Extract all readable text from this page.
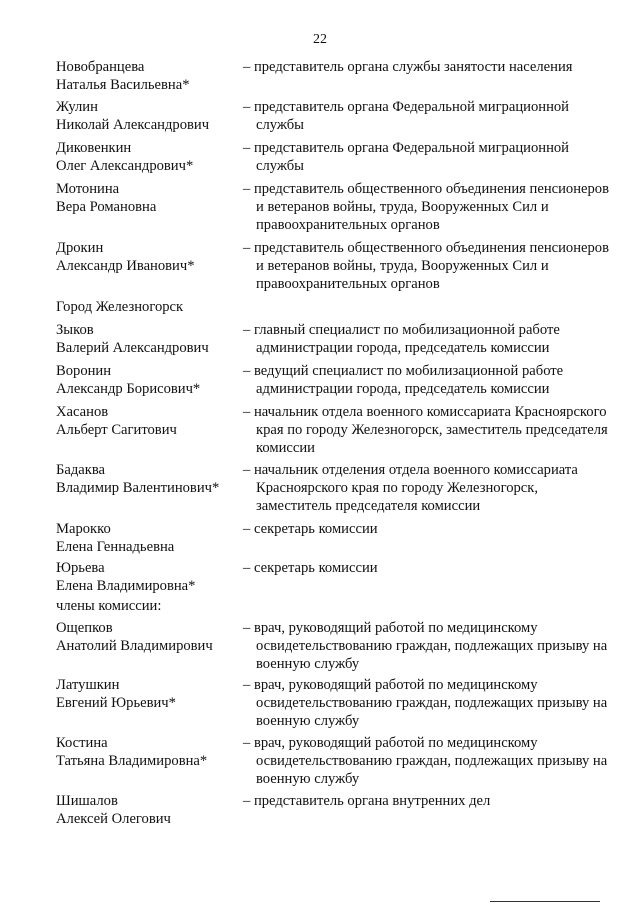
22
Новобранцева
Наталья Васильевна*
– представитель органа службы занятости населения
Жулин
Николай Александрович
– представитель органа Федеральной миграционной службы
Диковенкин
Олег Александрович*
– представитель органа Федеральной миграционной службы
Мотонина
Вера Романовна
– представитель общественного объединения пенсионеров и ветеранов войны, труда, Вооруженных Сил и правоохранительных органов
Дрокин
Александр Иванович*
– представитель общественного объединения пенсионеров и ветеранов войны, труда, Вооруженных Сил и правоохранительных органов
Город Железногорск
Зыков
Валерий Александрович
– главный специалист по мобилизационной работе администрации города, председатель комиссии
Воронин
Александр Борисович*
– ведущий специалист по мобилизационной работе администрации города, председатель комиссии
Хасанов
Альберт Сагитович
– начальник отдела военного комиссариата Красноярского края по городу Железногорск, заместитель председателя комиссии
Бадаква
Владимир Валентинович*
– начальник отделения отдела военного комиссариата Красноярского края по городу Железногорск, заместитель председателя комиссии
Марокко
Елена Геннадьевна
– секретарь комиссии
Юрьева
Елена Владимировна*
– секретарь комиссии
члены комиссии:
Ощепков
Анатолий Владимирович
– врач, руководящий работой по медицинскому освидетельствованию граждан, подлежащих призыву на военную службу
Латушкин
Евгений Юрьевич*
– врач, руководящий работой по медицинскому освидетельствованию граждан, подлежащих призыву на военную службу
Костина
Татьяна Владимировна*
– врач, руководящий работой по медицинскому освидетельствованию граждан, подлежащих призыву на военную службу
Шишалов
Алексей Олегович
– представитель органа внутренних дел
